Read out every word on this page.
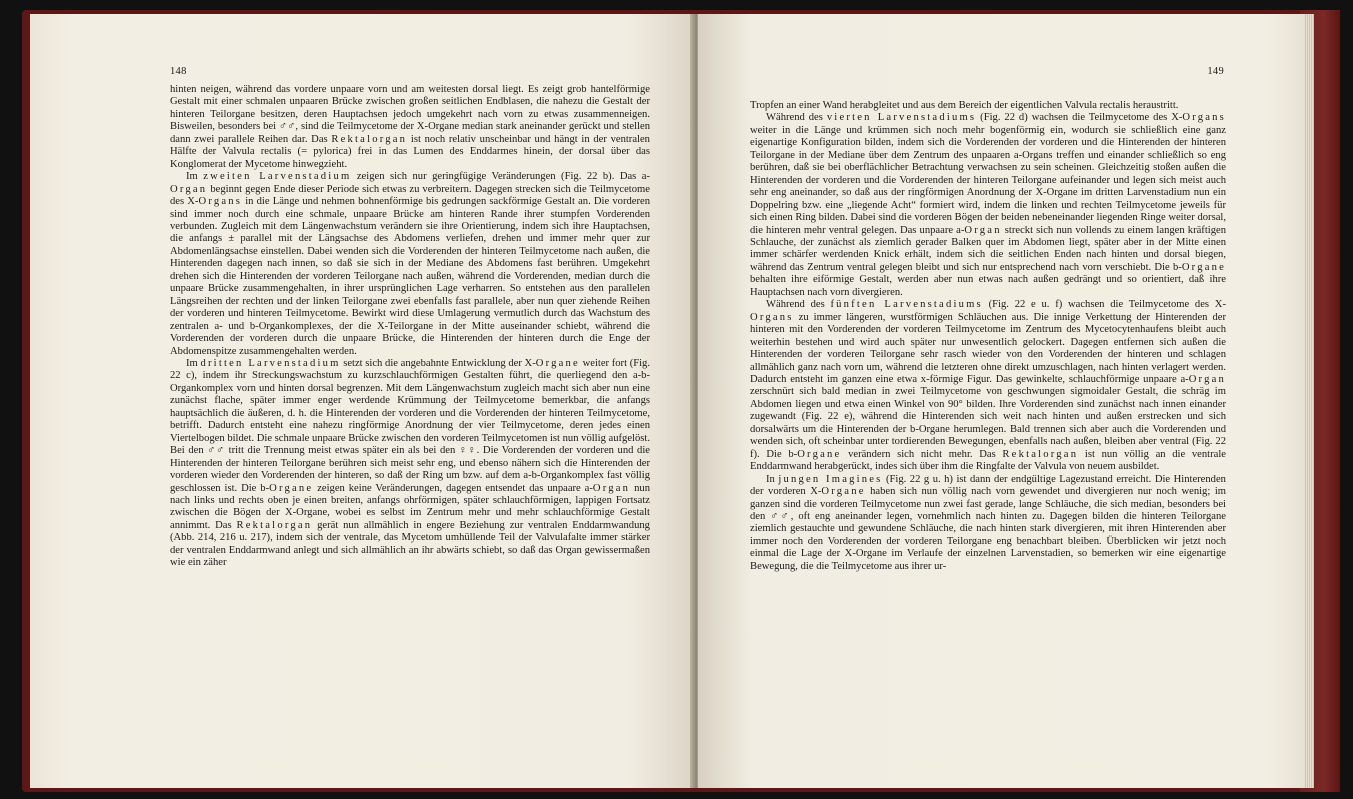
148

hinten neigen, während das vordere unpaare vorn und am weitesten dorsal liegt. Es zeigt grob hantelförmige Gestalt mit einer schmalen unpaaren Brücke zwischen großen seitlichen Endblasen, die nahezu die Gestalt der hinteren Teilorgane besitzen, deren Hauptachsen jedoch umgekehrt nach vorn zu etwas zusammenneigen. Bisweilen, besonders bei ♂♂, sind die Teilmycetome der X-Organe median stark aneinander gerückt und stellen dann zwei parallele Reihen dar. Das Rektalorgan ist noch relativ unscheinbar und hängt in der ventralen Hälfte der Valvula rectalis (= pylorica) frei in das Lumen des Enddarmes hinein, der dorsal über das Konglomerat der Mycetome hinwegzieht.

Im zweiten Larvenstadium zeigen sich nur geringfügige Veränderungen (Fig. 22 b). Das a-Organ beginnt gegen Ende dieser Periode sich etwas zu verbreitern. Dagegen strecken sich die Teilmycetome des X-Organs in die Länge und nehmen bohnenförmige bis gedrungen sackförmige Gestalt an. Die vorderen sind immer noch durch eine schmale, unpaare Brücke am hinteren Rande ihrer stumpfen Vorderenden verbunden. Zugleich mit dem Längenwachstum verändern sie ihre Orientierung, indem sich ihre Hauptachsen, die anfangs ± parallel mit der Längsachse des Abdomens verliefen, drehen und immer mehr quer zur Abdomenlängsachse einstellen. Dabei wenden sich die Vorderenden der hinteren Teilmycetome nach außen, die Hinterenden dagegen nach innen, so daß sie sich in der Mediane des Abdomens fast berühren. Umgekehrt drehen sich die Hinterenden der vorderen Teilorgane nach außen, während die Vorderenden, median durch die unpaare Brücke zusammengehalten, in ihrer ursprünglichen Lage verharren. So entstehen aus den parallelen Längsreihen der rechten und der linken Teilorgane zwei ebenfalls fast parallele, aber nun quer ziehende Reihen der vorderen und hinteren Teilmycetome. Bewirkt wird diese Umlagerung vermutlich durch das Wachstum des zentralen a- und b-Organkomplexes, der die X-Teilorgane in der Mitte auseinander schiebt, während die Vorderenden der vorderen durch die unpaare Brücke, die Hinterenden der hinteren durch die Enge der Abdomenspitze zusammengehalten werden.

Im dritten Larvenstadium setzt sich die angebahnte Entwicklung der X-Organe weiter fort (Fig. 22 c), indem ihr Streckungswachstum zu kurzschlauchförmigen Gestalten führt, die querliegend den a-b-Organkomplex vorn und hinten dorsal begrenzen. Mit dem Längenwachstum zugleich macht sich aber nun eine zunächst flache, später immer enger werdende Krümmung der Teilmycetome bemerkbar, die anfangs hauptsächlich die äußeren, d. h. die Hinterenden der vorderen und die Vorderenden der hinteren Teilmycetome, betrifft. Dadurch entsteht eine nahezu ringförmige Anordnung der vier Teilmycetome, deren jedes einen Viertelbogen bildet. Die schmale unpaare Brücke zwischen den vorderen Teilmycetomen ist nun völlig aufgelöst. Bei den ♂♂ tritt die Trennung meist etwas später ein als bei den ♀♀. Die Vorderenden der vorderen und die Hinterenden der hinteren Teilorgane berühren sich meist sehr eng, und ebenso nähern sich die Hinterenden der vorderen wieder den Vorderenden der hinteren, so daß der Ring um bzw. auf dem a-b-Organkomplex fast völlig geschlossen ist. Die b-Organe zeigen keine Veränderungen, dagegen entsendet das unpaare a-Organ nun nach links und rechts oben je einen breiten, anfangs ohrförmigen, später schlauchförmigen, lappigen Fortsatz zwischen die Bögen der X-Organe, wobei es selbst im Zentrum mehr und mehr schlauchförmige Gestalt annimmt. Das Rektalorgan gerät nun allmählich in engere Beziehung zur ventralen Enddarmwandung (Abb. 214, 216 u. 217), indem sich der ventrale, das Mycetom umhüllende Teil der Valvulafalte immer stärker der ventralen Enddarmwand anlegt und sich allmählich an ihr abwärts schiebt, so daß das Organ gewissermaßen wie ein zäher

149

Tropfen an einer Wand herabgleitet und aus dem Bereich der eigentlichen Valvula rectalis heraustritt.

Während des vierten Larvenstadiums (Fig. 22 d) wachsen die Teilmycetome des X-Organs weiter in die Länge und krümmen sich noch mehr bogenförmig ein, wodurch sie schließlich eine ganz eigenartige Konfiguration bilden, indem sich die Vorderenden der vorderen und die Hinterenden der hinteren Teilorgane in der Mediane über dem Zentrum des unpaaren a-Organs treffen und einander schließlich so eng berühren, daß sie bei oberflächlicher Betrachtung verwachsen zu sein scheinen. Gleichzeitig stoßen außen die Hinterenden der vorderen und die Vorderenden der hinteren Teilorgane aufeinander und legen sich meist auch sehr eng aneinander, so daß aus der ringförmigen Anordnung der X-Organe im dritten Larvenstadium nun ein Doppelring bzw. eine „liegende Acht“ formiert wird, indem die linken und rechten Teilmycetome jeweils für sich einen Ring bilden. Dabei sind die vorderen Bögen der beiden nebeneinander liegenden Ringe weiter dorsal, die hinteren mehr ventral gelegen. Das unpaare a-Organ streckt sich nun vollends zu einem langen kräftigen Schlauche, der zunächst als ziemlich gerader Balken quer im Abdomen liegt, später aber in der Mitte einen immer schärfer werdenden Knick erhält, indem sich die seitlichen Enden nach hinten und dorsal biegen, während das Zentrum ventral gelegen bleibt und sich nur entsprechend nach vorn verschiebt. Die b-Organe behalten ihre eiförmige Gestalt, werden aber nun etwas nach außen gedrängt und so orientiert, daß ihre Hauptachsen nach vorn divergieren.

Während des fünften Larvenstadiums (Fig. 22 e u. f) wachsen die Teilmycetome des X-Organs zu immer längeren, wurstförmigen Schläuchen aus. Die innige Verkettung der Hinterenden der hinteren mit den Vorderenden der vorderen Teilmycetome im Zentrum des Mycetocytenhaufens bleibt auch weiterhin bestehen und wird auch später nur unwesentlich gelockert. Dagegen entfernen sich außen die Hinterenden der vorderen Teilorgane sehr rasch wieder von den Vorderenden der hinteren und schlagen allmählich ganz nach vorn um, während die letzteren ohne direkt umzuschlagen, nach hinten verlagert werden. Dadurch entsteht im ganzen eine etwa x-förmige Figur. Das gewinkelte, schlauchförmige unpaare a-Organ zerschnürt sich bald median in zwei Teilmycetome von geschwungen sigmoidaler Gestalt, die schräg im Abdomen liegen und etwa einen Winkel von 90° bilden. Ihre Vorderenden sind zunächst nach innen einander zugewandt (Fig. 22 e), während die Hinterenden sich weit nach hinten und außen erstrecken und sich dorsalwärts um die Hinterenden der b-Organe herumlegen. Bald trennen sich aber auch die Vorderenden und wenden sich, oft scheinbar unter tordierenden Bewegungen, ebenfalls nach außen, bleiben aber ventral (Fig. 22 f). Die b-Organe verändern sich nicht mehr. Das Rektalorgan ist nun völlig an die ventrale Enddarmwand herabgerückt, indes sich über ihm die Ringfalte der Valvula von neuem ausbildet.

In jungen Imagines (Fig. 22 g u. h) ist dann der endgültige Lagezustand erreicht. Die Hinterenden der vorderen X-Organe haben sich nun völlig nach vorn gewendet und divergieren nur noch wenig; im ganzen sind die vorderen Teilmycetome nun zwei fast gerade, lange Schläuche, die sich median, besonders bei den ♂♂, oft eng aneinander legen, vornehmlich nach hinten zu. Dagegen bilden die hinteren Teilorgane ziemlich gestauchte und gewundene Schläuche, die nach hinten stark divergieren, mit ihren Hinterenden aber immer noch den Vorderenden der vorderen Teilorgane eng benachbart bleiben. Überblicken wir jetzt noch einmal die Lage der X-Organe im Verlaufe der einzelnen Larvenstadien, so bemerken wir eine eigenartige Bewegung, die die Teilmycetome aus ihrer ur-
